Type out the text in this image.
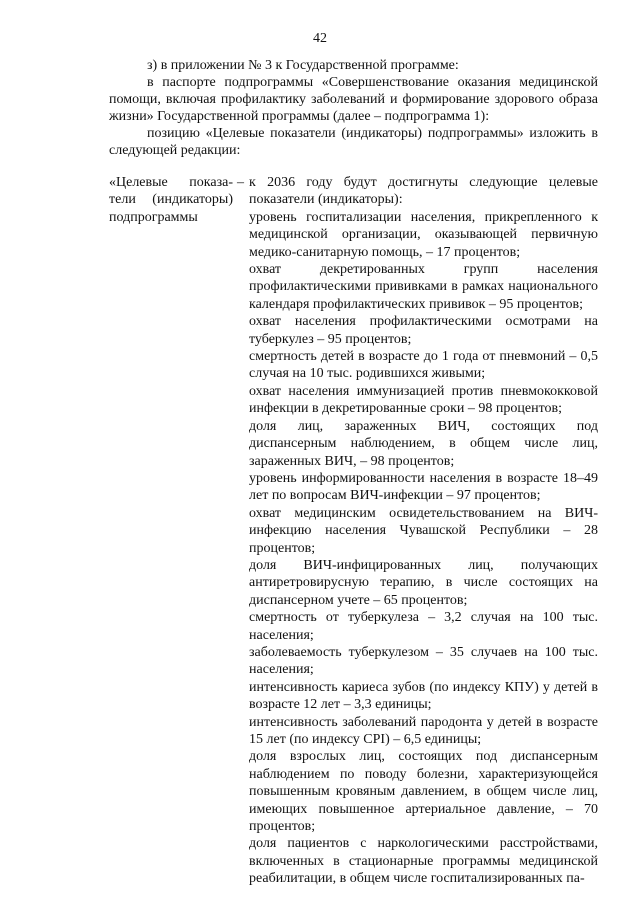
42

з) в приложении № 3 к Государственной программе:

в паспорте подпрограммы «Совершенствование оказания медицинской помощи, включая профилактику заболеваний и формирование здорового образа жизни» Государственной программы (далее – подпрограмма 1):

позицию «Целевые показатели (индикаторы) подпрограммы» изложить в следующей редакции:

«Целевые показа-
тели (индикаторы)
подпрограммы
– к 2036 году будут достигнуты следующие целевые показатели (индикаторы):

уровень госпитализации населения, прикрепленного к медицинской организации, оказывающей первичную медико-санитарную помощь, – 17 процентов;

охват декретированных групп населения профилактическими прививками в рамках национального календаря профилактических прививок – 95 процентов;

охват населения профилактическими осмотрами на туберкулез – 95 процентов;

смертность детей в возрасте до 1 года от пневмоний – 0,5 случая на 10 тыс. родившихся живыми;

охват населения иммунизацией против пневмококковой инфекции в декретированные сроки – 98 процентов;

доля лиц, зараженных ВИЧ, состоящих под диспансерным наблюдением, в общем числе лиц, зараженных ВИЧ, – 98 процентов;

уровень информированности населения в возрасте 18–49 лет по вопросам ВИЧ-инфекции – 97 процентов;

охват медицинским освидетельствованием на ВИЧ-инфекцию населения Чувашской Республики – 28 процентов;

доля ВИЧ-инфицированных лиц, получающих антиретровирусную терапию, в числе состоящих на диспансерном учете – 65 процентов;

смертность от туберкулеза – 3,2 случая на 100 тыс. населения;

заболеваемость туберкулезом – 35 случаев на 100 тыс. населения;

интенсивность кариеса зубов (по индексу КПУ) у детей в возрасте 12 лет – 3,3 единицы;

интенсивность заболеваний пародонта у детей в возрасте 15 лет (по индексу CPI) – 6,5 единицы;

доля взрослых лиц, состоящих под диспансерным наблюдением по поводу болезни, характеризующейся повышенным кровяным давлением, в общем числе лиц, имеющих повышенное артериальное давление, – 70 процентов;

доля пациентов с наркологическими расстройствами, включенных в стационарные программы медицинской реабилитации, в общем числе госпитализированных па-
